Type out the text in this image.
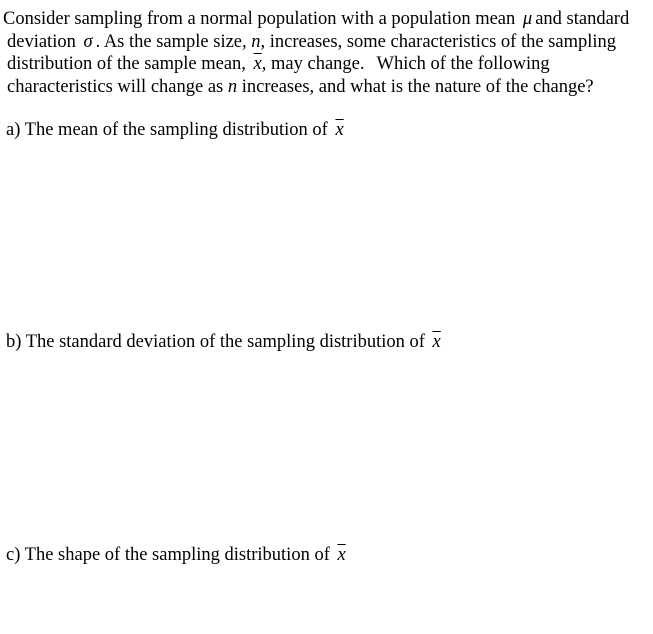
Consider sampling from a normal population with a population mean μ and standard
deviation σ . As the sample size, n, increases, some characteristics of the sampling
distribution of the sample mean, $\overline{x}$, may change. Which of the following
characteristics will change as n increases, and what is the nature of the change?
a) The mean of the sampling distribution of $\overline{x}$
b) The standard deviation of the sampling distribution of $\overline{x}$
c) The shape of the sampling distribution of $\overline{x}$
